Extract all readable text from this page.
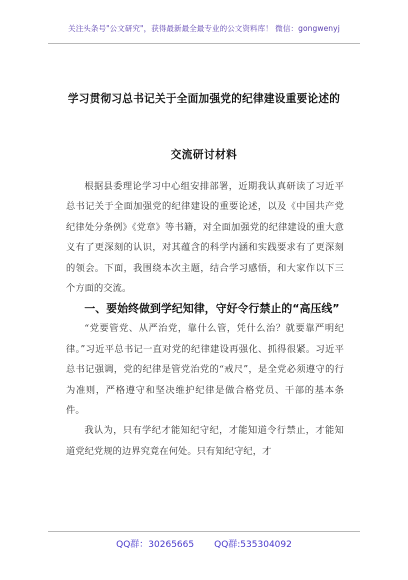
关注头条号"公文研究"，获得最新最全最专业的公文资料库！ 微信：gongwenyj
学习贯彻习总书记关于全面加强党的纪律建设重要论述的
交流研讨材料

根据县委理论学习中心组安排部署，近期我认真研读了习近平总书记关于全面加强党的纪律建设的重要论述，以及《中国共产党纪律处分条例》《党章》等书籍，对全面加强党的纪律建设的重大意义有了更深刻的认识，对其蕴含的科学内涵和实践要求有了更深刻的领会。下面，我围绕本次主题，结合学习感悟，和大家作以下三个方面的交流。

一、要始终做到学纪知律，守好令行禁止的“高压线”

“党要管党、从严治党，靠什么管，凭什么治？就要靠严明纪律。”习近平总书记一直对党的纪律建设再强化、抓得很紧。习近平总书记强调，党的纪律是管党治党的“戒尺”，是全党必须遵守的行为准则，严格遵守和坚决维护纪律是做合格党员、干部的基本条件。

我认为，只有学纪才能知纪守纪，才能知道令行禁止，才能知道党纪党规的边界究竟在何处。只有知纪守纪，才

QQ群：30265665 QQ群:535304092
